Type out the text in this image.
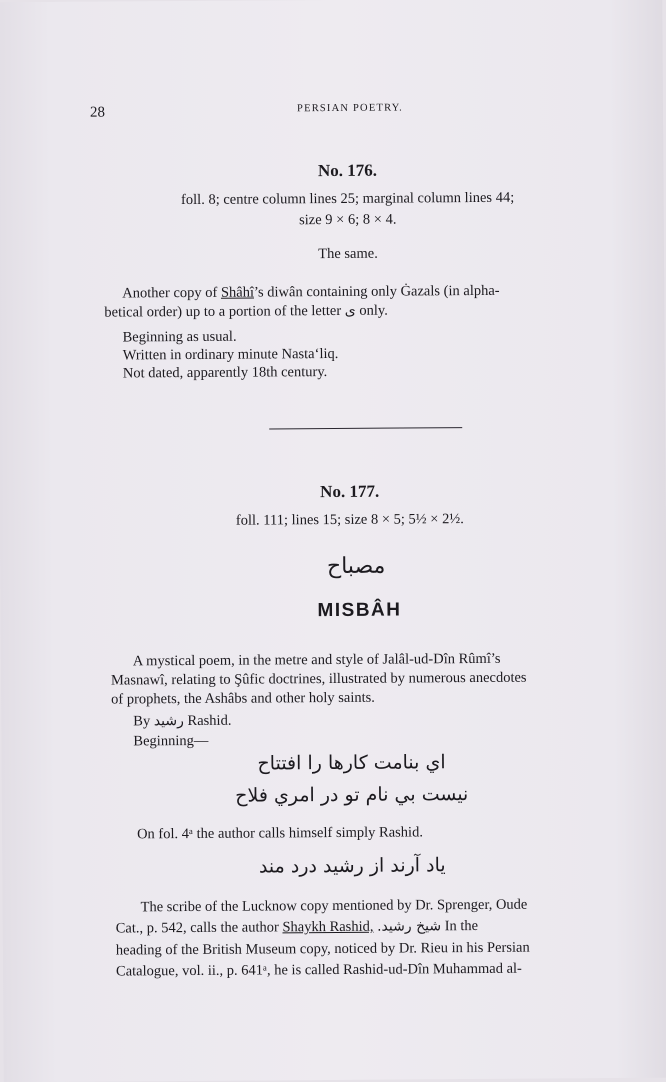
28	PERSIAN POETRY.
No. 176.
foll. 8; centre column lines 25; marginal column lines 44;
size 9 × 6; 8 × 4.
The same.
Another copy of Shâhî’s diwân containing only Ġazals (in alpha-
betical order) up to a portion of the letter ی only.
Beginning as usual.
Written in ordinary minute Nasta‘liq.
Not dated, apparently 18th century.
No. 177.
foll. 111; lines 15; size 8 × 5; 5½ × 2½.
مصباح
MISBÂH
A mystical poem, in the metre and style of Jalâl-ud-Dîn Rûmî’s
Masnawî, relating to Şûfic doctrines, illustrated by numerous anecdotes
of prophets, the Ashâbs and other holy saints.
By رشید Rashid.
Beginning—
اي بنامت كارها را افتتاح
نيست بي نام تو در امري فلاح
On fol. 4ᵃ the author calls himself simply Rashid.
ياد آرند از رشید درد مند
The scribe of the Lucknow copy mentioned by Dr. Sprenger, Oude
Cat., p. 542, calls the author Shaykh Rashid, شیخ رشید. In the
heading of the British Museum copy, noticed by Dr. Rieu in his Persian
Catalogue, vol. ii., p. 641ᵃ, he is called Rashid-ud-Dîn Muhammad al-
